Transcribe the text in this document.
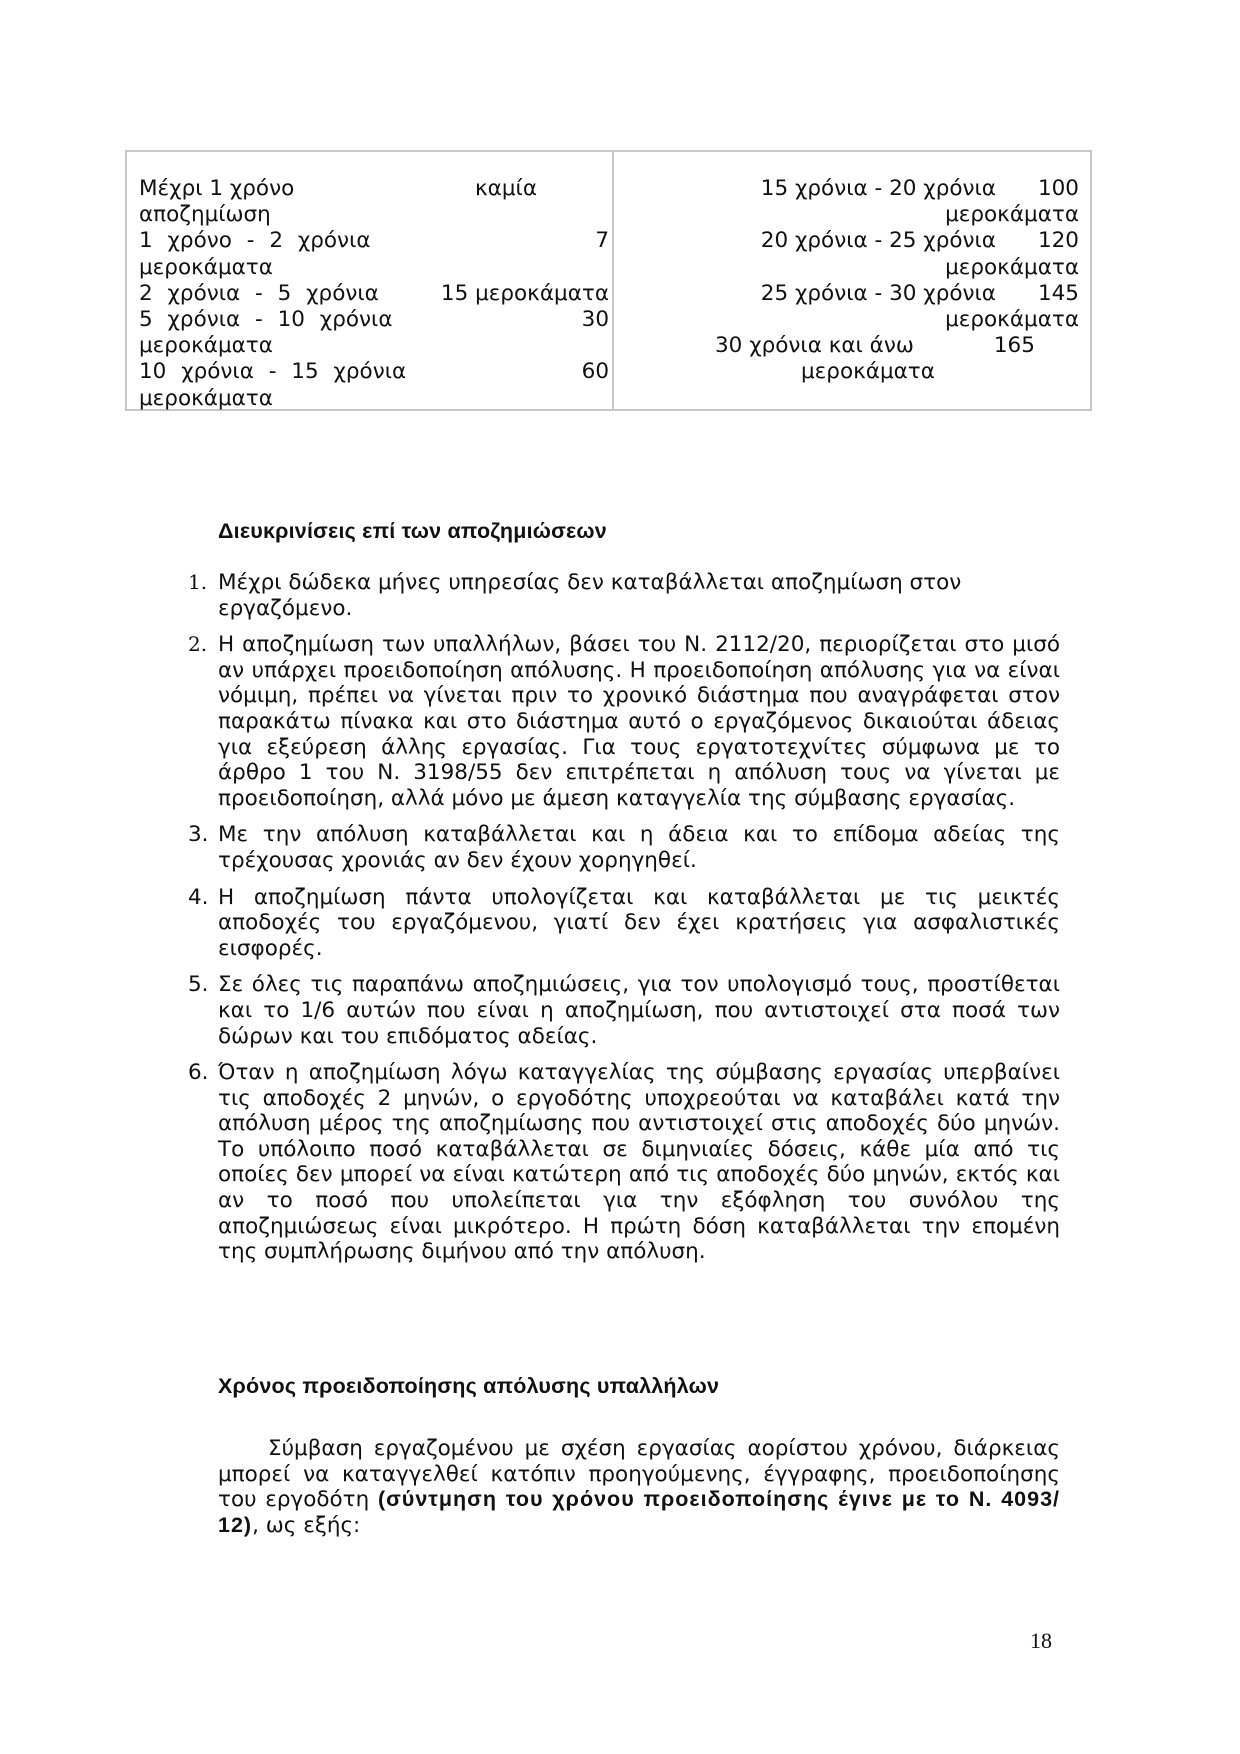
Μέχρι 1 χρόνο	καμία
αποζημίωση
1 χρόνο - 2 χρόνια	7
μεροκάματα
2 χρόνια - 5 χρόνια	15 μεροκάματα
5 χρόνια - 10 χρόνια	30
μεροκάματα
10 χρόνια - 15 χρόνια	60
μεροκάματα
15 χρόνια - 20 χρόνια 100
μεροκάματα
20 χρόνια - 25 χρόνια 120
μεροκάματα
25 χρόνια - 30 χρόνια 145
μεροκάματα
30 χρόνια και άνω	165
μεροκάματα
Διευκρινίσεις επί των αποζημιώσεων
1. Μέχρι δώδεκα μήνες υπηρεσίας δεν καταβάλλεται αποζημίωση στον εργαζόμενο.
2. Η αποζημίωση των υπαλλήλων, βάσει του Ν. 2112/20, περιορίζεται στο μισό αν υπάρχει προειδοποίηση απόλυσης. Η προειδοποίηση απόλυσης για να είναι νόμιμη, πρέπει να γίνεται πριν το χρονικό διάστημα που αναγράφεται στον παρακάτω πίνακα και στο διάστημα αυτό ο εργαζόμενος δικαιούται άδειας για εξεύρεση άλλης εργασίας. Για τους εργατοτεχνίτες σύμφωνα με το άρθρο 1 του Ν. 3198/55 δεν επιτρέπεται η απόλυση τους να γίνεται με προειδοποίηση, αλλά μόνο με άμεση καταγγελία της σύμβασης εργασίας.
3. Με την απόλυση καταβάλλεται και η άδεια και το επίδομα αδείας της τρέχουσας χρονιάς αν δεν έχουν χορηγηθεί.
4. Η αποζημίωση πάντα υπολογίζεται και καταβάλλεται με τις μεικτές αποδοχές του εργαζόμενου, γιατί δεν έχει κρατήσεις για ασφαλιστικές εισφορές.
5. Σε όλες τις παραπάνω αποζημιώσεις, για τον υπολογισμό τους, προστίθεται και το 1/6 αυτών που είναι η αποζημίωση, που αντιστοιχεί στα ποσά των δώρων και του επιδόματος αδείας.
6. Όταν η αποζημίωση λόγω καταγγελίας της σύμβασης εργασίας υπερβαίνει τις αποδοχές 2 μηνών, ο εργοδότης υποχρεούται να καταβάλει κατά την απόλυση μέρος της αποζημίωσης που αντιστοιχεί στις αποδοχές δύο μηνών. Το υπόλοιπο ποσό καταβάλλεται σε διμηνιαίες δόσεις, κάθε μία από τις οποίες δεν μπορεί να είναι κατώτερη από τις αποδοχές δύο μηνών, εκτός και αν το ποσό που υπολείπεται για την εξόφληση του συνόλου της αποζημιώσεως είναι μικρότερο. Η πρώτη δόση καταβάλλεται την επομένη της συμπλήρωσης διμήνου από την απόλυση.
Χρόνος προειδοποίησης απόλυσης υπαλλήλων
Σύμβαση εργαζομένου με σχέση εργασίας αορίστου χρόνου, διάρκειας μπορεί να καταγγελθεί κατόπιν προηγούμενης, έγγραφης, προειδοποίησης του εργοδότη (σύντμηση του χρόνου προειδοποίησης έγινε με το Ν. 4093/ 12), ως εξής:
18
